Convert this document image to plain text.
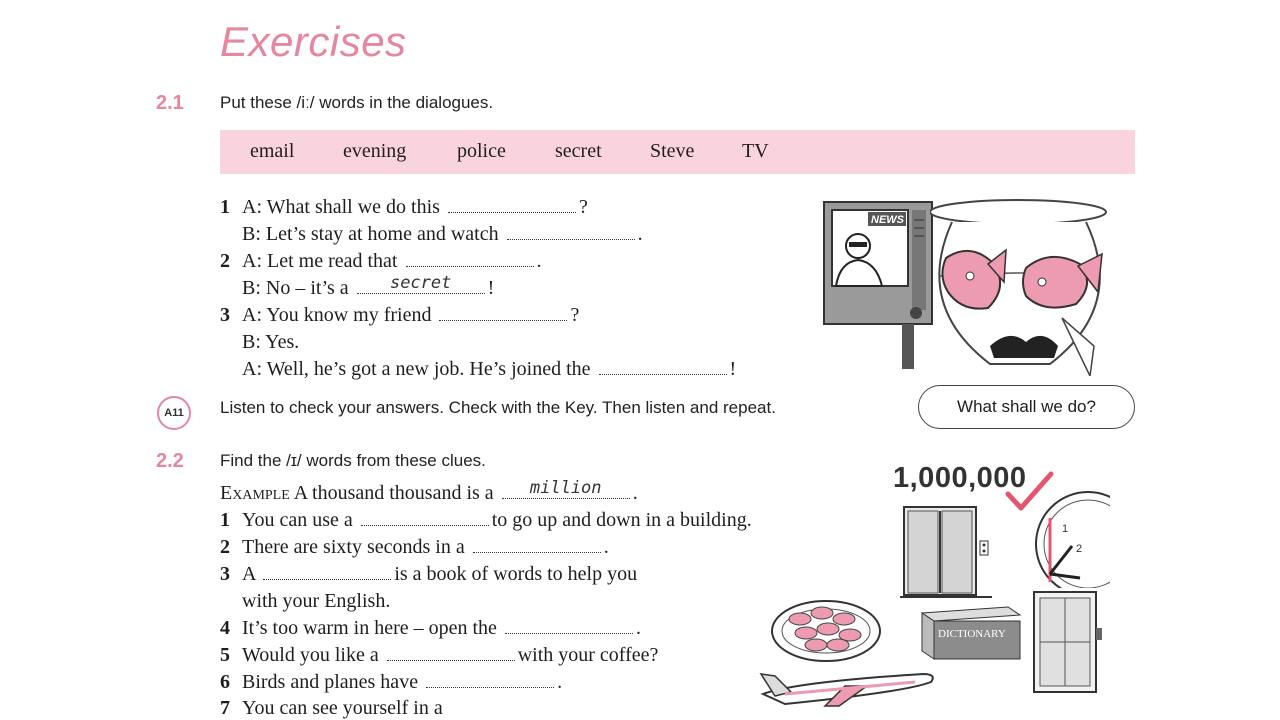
Exercises
2.1 Put these /iː/ words in the dialogues.
email evening	police secret Steve TV
1 A: What shall we do this	?
B: Let’s stay at home and watch	.
2 A: Let me read that	.
B: No – it’s a	secret	!
3 A: You know my friend	?
B: Yes.
A: Well, he’s got a new job. He’s joined the	!
A11	Listen to check your answers. Check with the Key. Then listen and repeat.
NEWS
What shall we do?
2.2 Find the /ɪ/ words from these clues.
Example A thousand thousand is a	million	.
1 You can use a	to go up and down in a building.
2 There are sixty seconds in a	.
3 A	is a book of words to help you
with your English.
4 It’s too warm in here – open the	.
5 Would you like a	with your coffee?
6 Birds and planes have	.
7 You can see yourself in a
1,000,000
2
1
DICTIONARY
